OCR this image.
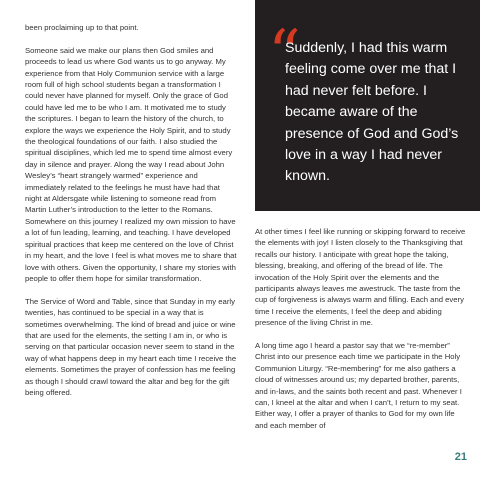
been proclaiming up to that point.

Someone said we make our plans then God smiles and proceeds to lead us where God wants us to go anyway. My experience from that Holy Communion service with a large room full of high school students began a transformation I could never have planned for myself. Only the grace of God could have led me to be who I am. It motivated me to study the scriptures. I began to learn the history of the church, to explore the ways we experience the Holy Spirit, and to study the theological foundations of our faith. I also studied the spiritual disciplines, which led me to spend time almost every day in silence and prayer. Along the way I read about John Wesley’s “heart strangely warmed” experience and immediately related to the feelings he must have had that night at Aldersgate while listening to someone read from Martin Luther’s introduction to the letter to the Romans. Somewhere on this journey I realized my own mission to have a lot of fun leading, learning, and teaching. I have developed spiritual practices that keep me centered on the love of Christ in my heart, and the love I feel is what moves me to share that love with others. Given the opportunity, I share my stories with people to offer them hope for similar transformation.

The Service of Word and Table, since that Sunday in my early twenties, has continued to be special in a way that is sometimes overwhelming. The kind of bread and juice or wine that are used for the elements, the setting I am in, or who is serving on that particular occasion never seem to stand in the way of what happens deep in my heart each time I receive the elements. Sometimes the prayer of confession has me feeling as though I should crawl toward the altar and beg for the gift being offered.

“
Suddenly, I had this warm feeling come over me that I had never felt before. I became aware of the presence of God and God’s love in a way I had never known.

At other times I feel like running or skipping forward to receive the elements with joy! I listen closely to the Thanksgiving that recalls our history. I anticipate with great hope the taking, blessing, breaking, and offering of the bread of life. The invocation of the Holy Spirit over the elements and the participants always leaves me awestruck. The taste from the cup of forgiveness is always warm and filling. Each and every time I receive the elements, I feel the deep and abiding presence of the living Christ in me.

A long time ago I heard a pastor say that we “re-member” Christ into our presence each time we participate in the Holy Communion Liturgy. “Re-membering” for me also gathers a cloud of witnesses around us; my departed brother, parents, and in-laws, and the saints both recent and past. Whenever I can, I kneel at the altar and when I can’t, I return to my seat. Either way, I offer a prayer of thanks to God for my own life and each member of

21
